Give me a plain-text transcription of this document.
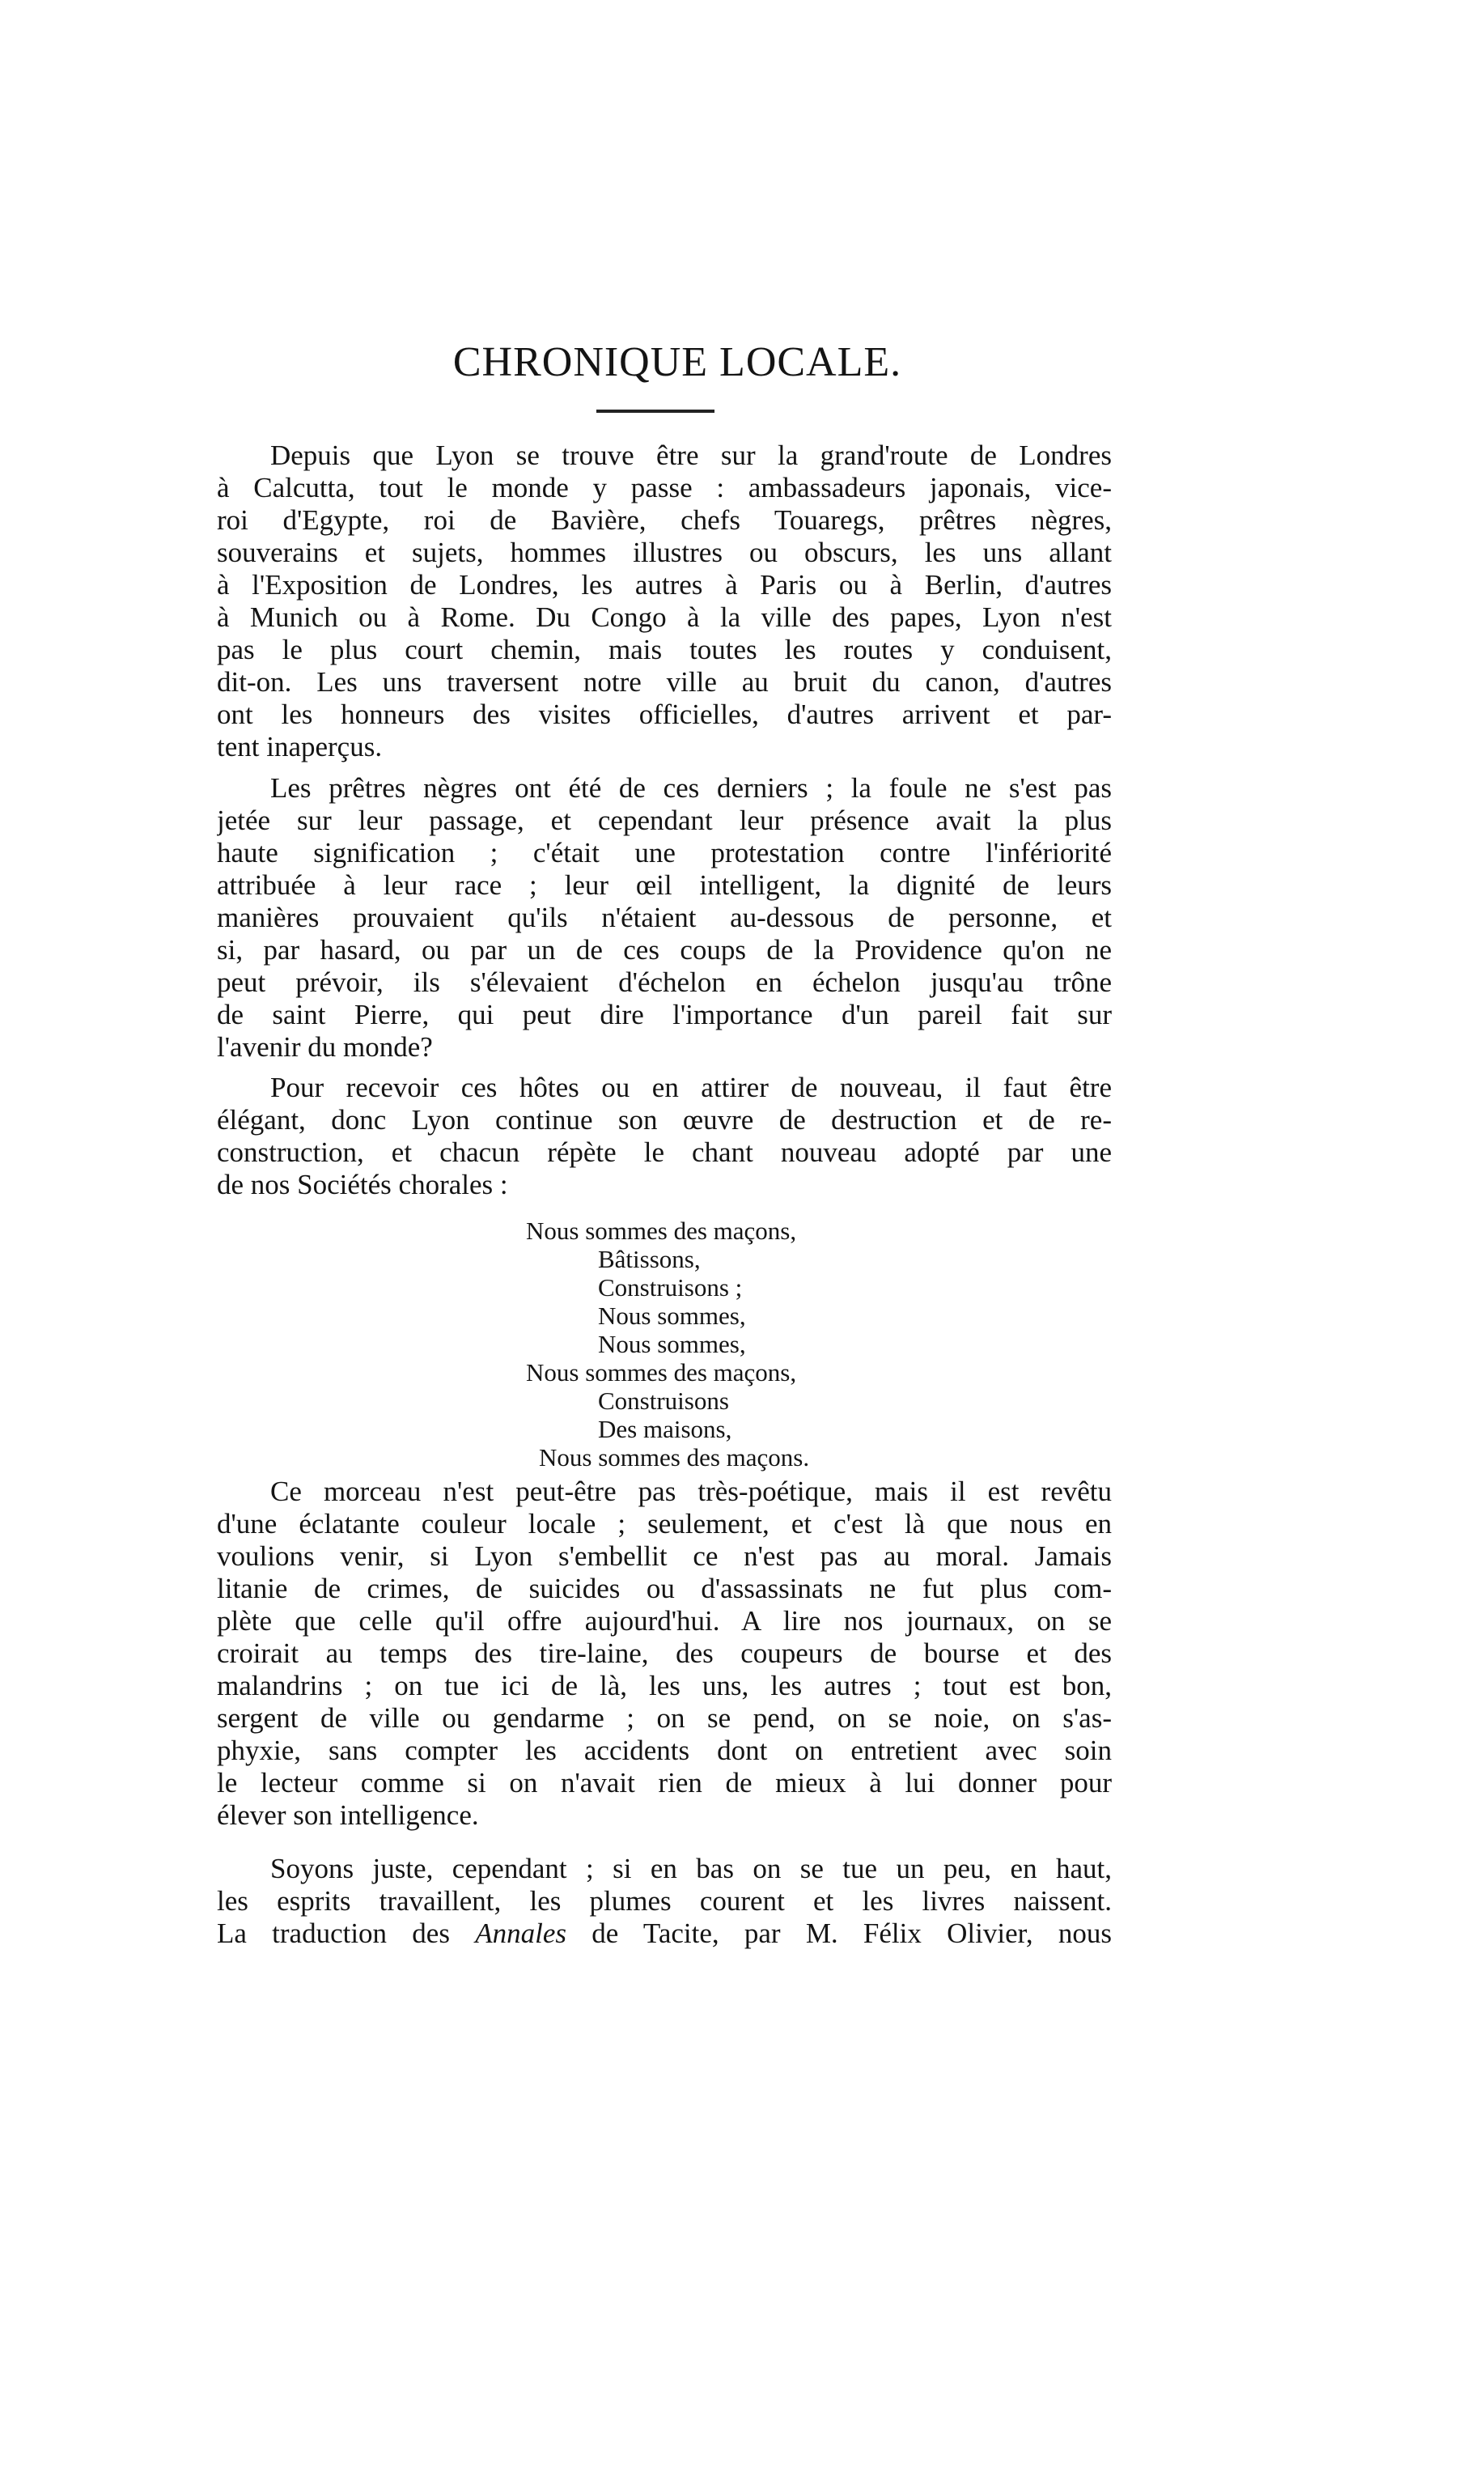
CHRONIQUE LOCALE.
Depuis que Lyon se trouve être sur la grand'route de Londres
à Calcutta, tout le monde y passe : ambassadeurs japonais, vice-
roi d'Egypte, roi de Bavière, chefs Touaregs, prêtres nègres,
souverains et sujets, hommes illustres ou obscurs, les uns allant
à l'Exposition de Londres, les autres à Paris ou à Berlin, d'autres
à Munich ou à Rome. Du Congo à la ville des papes, Lyon n'est
pas le plus court chemin, mais toutes les routes y conduisent,
dit-on. Les uns traversent notre ville au bruit du canon, d'autres
ont les honneurs des visites officielles, d'autres arrivent et par-
tent inaperçus.
Les prêtres nègres ont été de ces derniers ; la foule ne s'est pas
jetée sur leur passage, et cependant leur présence avait la plus
haute signification ; c'était une protestation contre l'infériorité
attribuée à leur race ; leur œil intelligent, la dignité de leurs
manières prouvaient qu'ils n'étaient au-dessous de personne, et
si, par hasard, ou par un de ces coups de la Providence qu'on ne
peut prévoir, ils s'élevaient d'échelon en échelon jusqu'au trône
de saint Pierre, qui peut dire l'importance d'un pareil fait sur
l'avenir du monde?
Pour recevoir ces hôtes ou en attirer de nouveau, il faut être
élégant, donc Lyon continue son œuvre de destruction et de re-
construction, et chacun répète le chant nouveau adopté par une
de nos Sociétés chorales :
Nous sommes des maçons,
Bâtissons,
Construisons ;
Nous sommes,
Nous sommes,
Nous sommes des maçons,
Construisons
Des maisons,
Nous sommes des maçons.
Ce morceau n'est peut-être pas très-poétique, mais il est revêtu
d'une éclatante couleur locale ; seulement, et c'est là que nous en
voulions venir, si Lyon s'embellit ce n'est pas au moral. Jamais
litanie de crimes, de suicides ou d'assassinats ne fut plus com-
plète que celle qu'il offre aujourd'hui. A lire nos journaux, on se
croirait au temps des tire-laine, des coupeurs de bourse et des
malandrins ; on tue ici de là, les uns, les autres ; tout est bon,
sergent de ville ou gendarme ; on se pend, on se noie, on s'as-
phyxie, sans compter les accidents dont on entretient avec soin
le lecteur comme si on n'avait rien de mieux à lui donner pour
élever son intelligence.
Soyons juste, cependant ; si en bas on se tue un peu, en haut,
les esprits travaillent, les plumes courent et les livres naissent.
La traduction des Annales de Tacite, par M. Félix Olivier, nous
